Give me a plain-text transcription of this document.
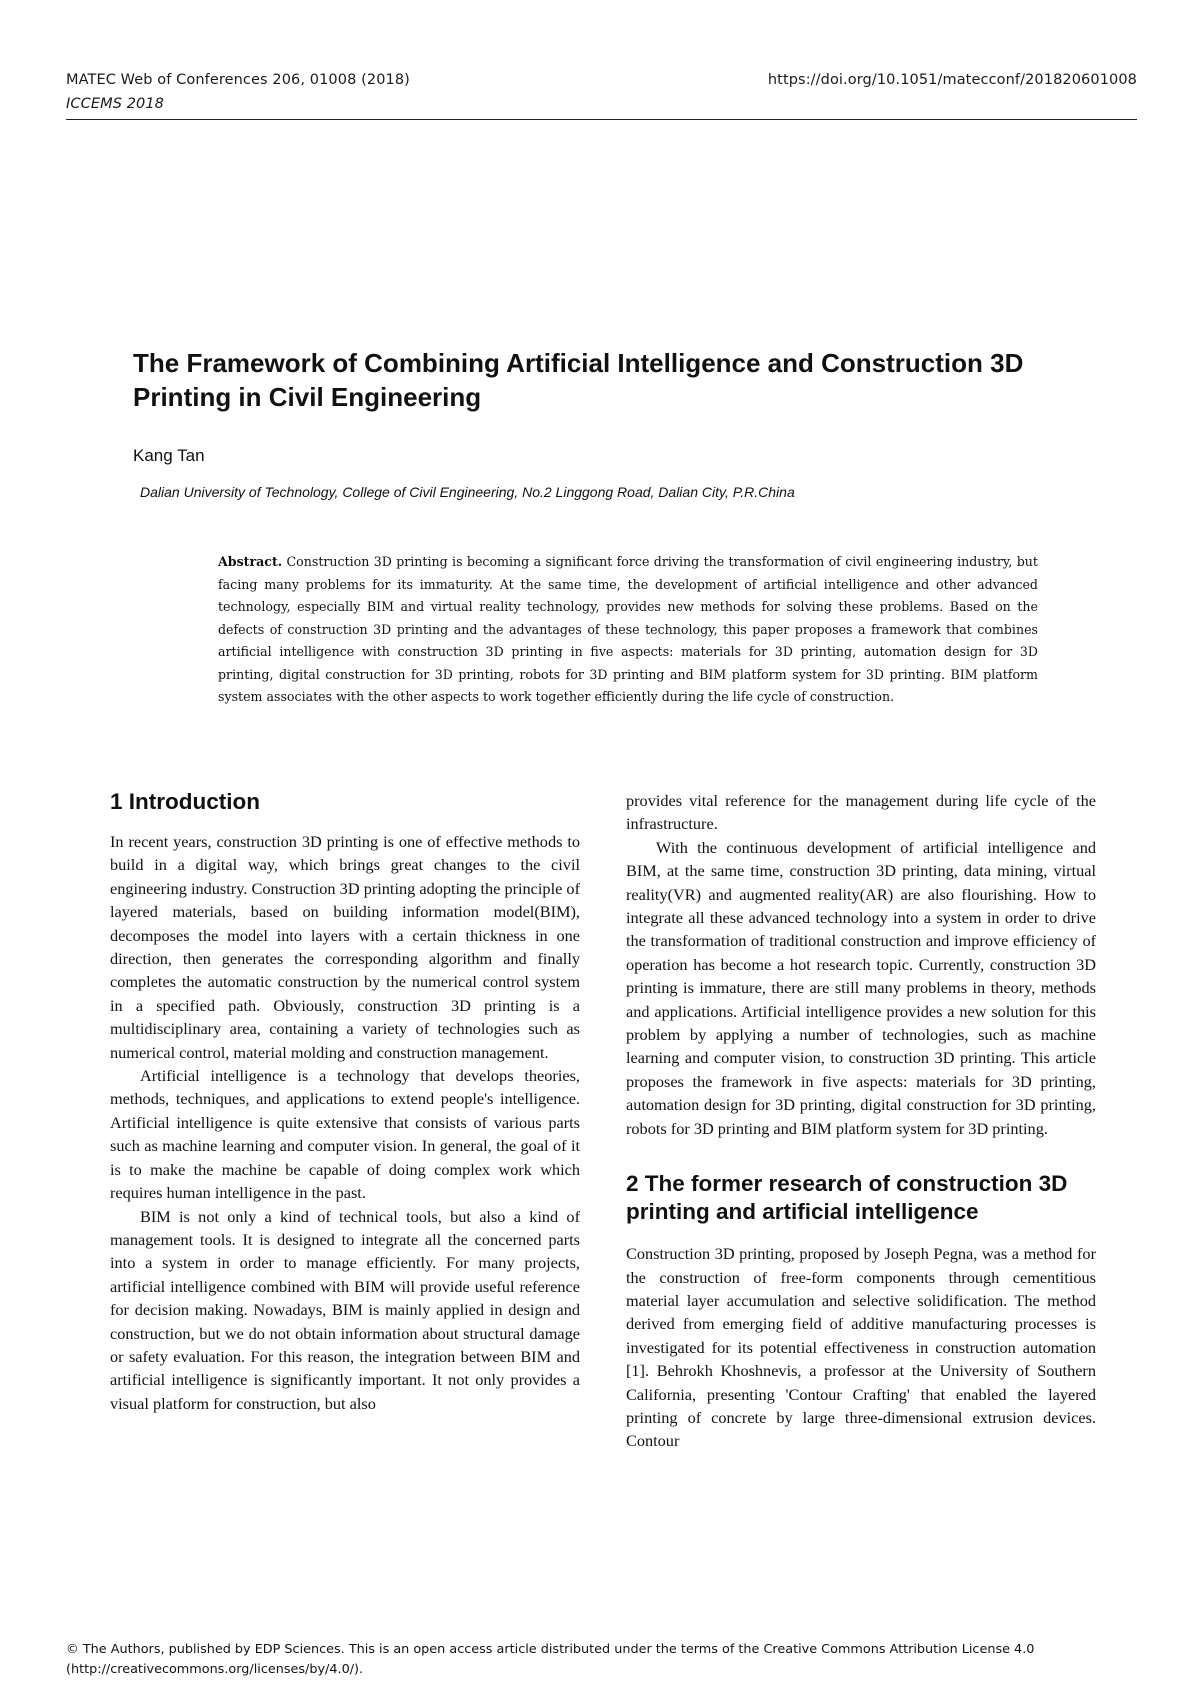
MATEC Web of Conferences 206, 01008 (2018)
ICCEMS 2018
https://doi.org/10.1051/matecconf/201820601008
The Framework of Combining Artificial Intelligence and Construction 3D Printing in Civil Engineering
Kang Tan
Dalian University of Technology, College of Civil Engineering, No.2 Linggong Road, Dalian City, P.R.China
Abstract. Construction 3D printing is becoming a significant force driving the transformation of civil engineering industry, but facing many problems for its immaturity. At the same time, the development of artificial intelligence and other advanced technology, especially BIM and virtual reality technology, provides new methods for solving these problems. Based on the defects of construction 3D printing and the advantages of these technology, this paper proposes a framework that combines artificial intelligence with construction 3D printing in five aspects: materials for 3D printing, automation design for 3D printing, digital construction for 3D printing, robots for 3D printing and BIM platform system for 3D printing. BIM platform system associates with the other aspects to work together efficiently during the life cycle of construction.
1 Introduction

In recent years, construction 3D printing is one of effective methods to build in a digital way, which brings great changes to the civil engineering industry. Construction 3D printing adopting the principle of layered materials, based on building information model(BIM), decomposes the model into layers with a certain thickness in one direction, then generates the corresponding algorithm and finally completes the automatic construction by the numerical control system in a specified path. Obviously, construction 3D printing is a multidisciplinary area, containing a variety of technologies such as numerical control, material molding and construction management.

Artificial intelligence is a technology that develops theories, methods, techniques, and applications to extend people's intelligence. Artificial intelligence is quite extensive that consists of various parts such as machine learning and computer vision. In general, the goal of it is to make the machine be capable of doing complex work which requires human intelligence in the past.

BIM is not only a kind of technical tools, but also a kind of management tools. It is designed to integrate all the concerned parts into a system in order to manage efficiently. For many projects, artificial intelligence combined with BIM will provide useful reference for decision making. Nowadays, BIM is mainly applied in design and construction, but we do not obtain information about structural damage or safety evaluation. For this reason, the integration between BIM and artificial intelligence is significantly important. It not only provides a visual platform for construction, but also

provides vital reference for the management during life cycle of the infrastructure.

With the continuous development of artificial intelligence and BIM, at the same time, construction 3D printing, data mining, virtual reality(VR) and augmented reality(AR) are also flourishing. How to integrate all these advanced technology into a system in order to drive the transformation of traditional construction and improve efficiency of operation has become a hot research topic. Currently, construction 3D printing is immature, there are still many problems in theory, methods and applications. Artificial intelligence provides a new solution for this problem by applying a number of technologies, such as machine learning and computer vision, to construction 3D printing. This article proposes the framework in five aspects: materials for 3D printing, automation design for 3D printing, digital construction for 3D printing, robots for 3D printing and BIM platform system for 3D printing.

2 The former research of construction 3D printing and artificial intelligence

Construction 3D printing, proposed by Joseph Pegna, was a method for the construction of free-form components through cementitious material layer accumulation and selective solidification. The method derived from emerging field of additive manufacturing processes is investigated for its potential effectiveness in construction automation [1]. Behrokh Khoshnevis, a professor at the University of Southern California, presenting 'Contour Crafting' that enabled the layered printing of concrete by large three-dimensional extrusion devices. Contour

© The Authors, published by EDP Sciences. This is an open access article distributed under the terms of the Creative Commons Attribution License 4.0 (http://creativecommons.org/licenses/by/4.0/).
